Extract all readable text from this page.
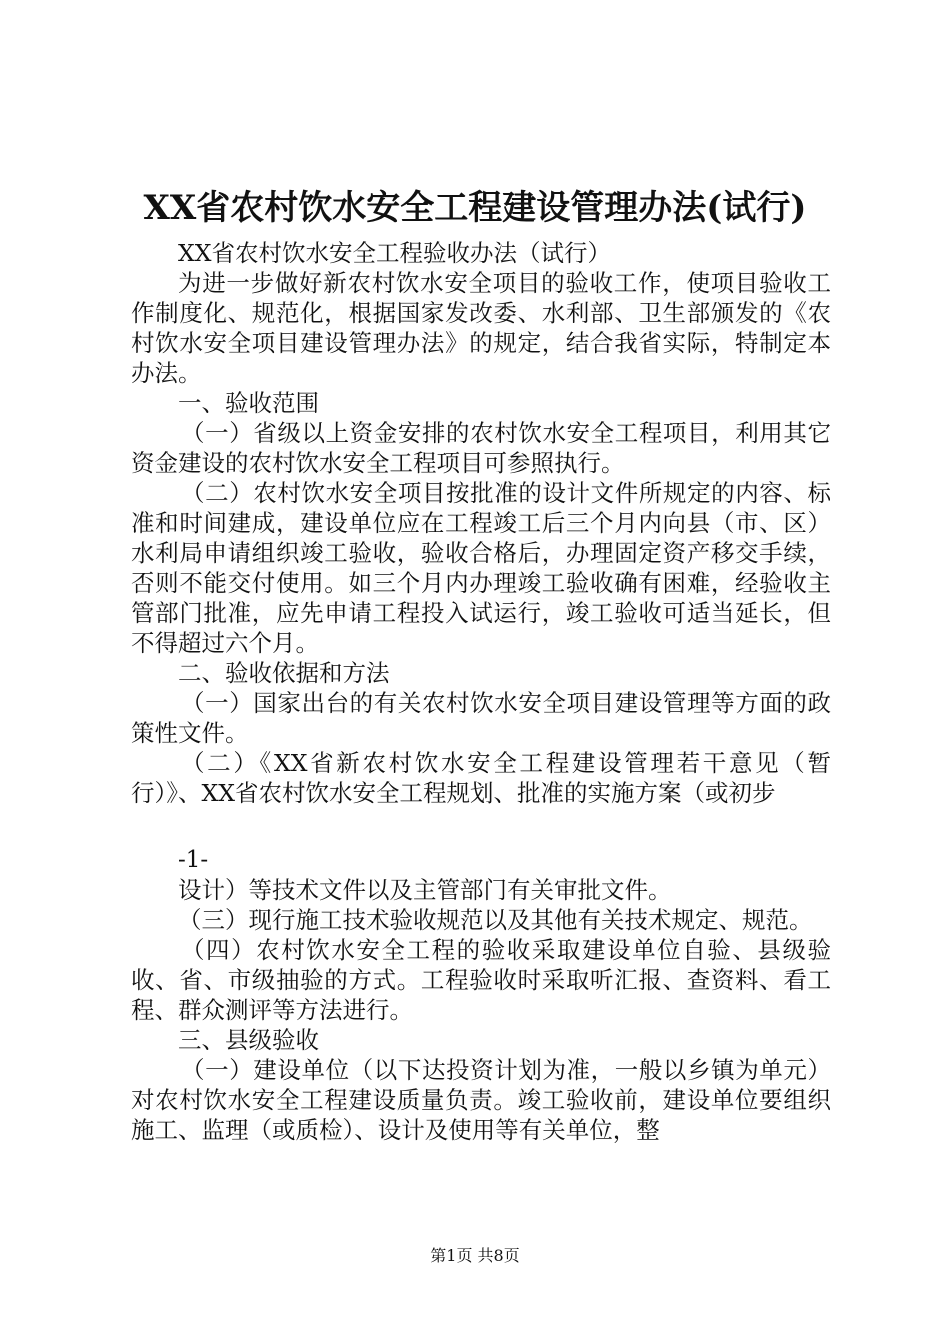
XX省农村饮水安全工程建设管理办法(试行)

XX省农村饮水安全工程验收办法（试行）

为进一步做好新农村饮水安全项目的验收工作，使项目验收工作制度化、规范化，根据国家发改委、水利部、卫生部颁发的《农村饮水安全项目建设管理办法》的规定，结合我省实际，特制定本办法。

一、验收范围

（一）省级以上资金安排的农村饮水安全工程项目，利用其它资金建设的农村饮水安全工程项目可参照执行。

（二）农村饮水安全项目按批准的设计文件所规定的内容、标准和时间建成，建设单位应在工程竣工后三个月内向县（市、区）水利局申请组织竣工验收，验收合格后，办理固定资产移交手续，否则不能交付使用。如三个月内办理竣工验收确有困难，经验收主管部门批准，应先申请工程投入试运行，竣工验收可适当延长，但不得超过六个月。

二、验收依据和方法

（一）国家出台的有关农村饮水安全项目建设管理等方面的政策性文件。

（二）《XX省新农村饮水安全工程建设管理若干意见（暂行）》、XX省农村饮水安全工程规划、批准的实施方案（或初步

-1-

设计）等技术文件以及主管部门有关审批文件。

（三）现行施工技术验收规范以及其他有关技术规定、规范。

（四）农村饮水安全工程的验收采取建设单位自验、县级验收、省、市级抽验的方式。工程验收时采取听汇报、查资料、看工程、群众测评等方法进行。

三、县级验收

（一）建设单位（以下达投资计划为准，一般以乡镇为单元）对农村饮水安全工程建设质量负责。竣工验收前，建设单位要组织施工、监理（或质检）、设计及使用等有关单位，整

第1页 共8页
